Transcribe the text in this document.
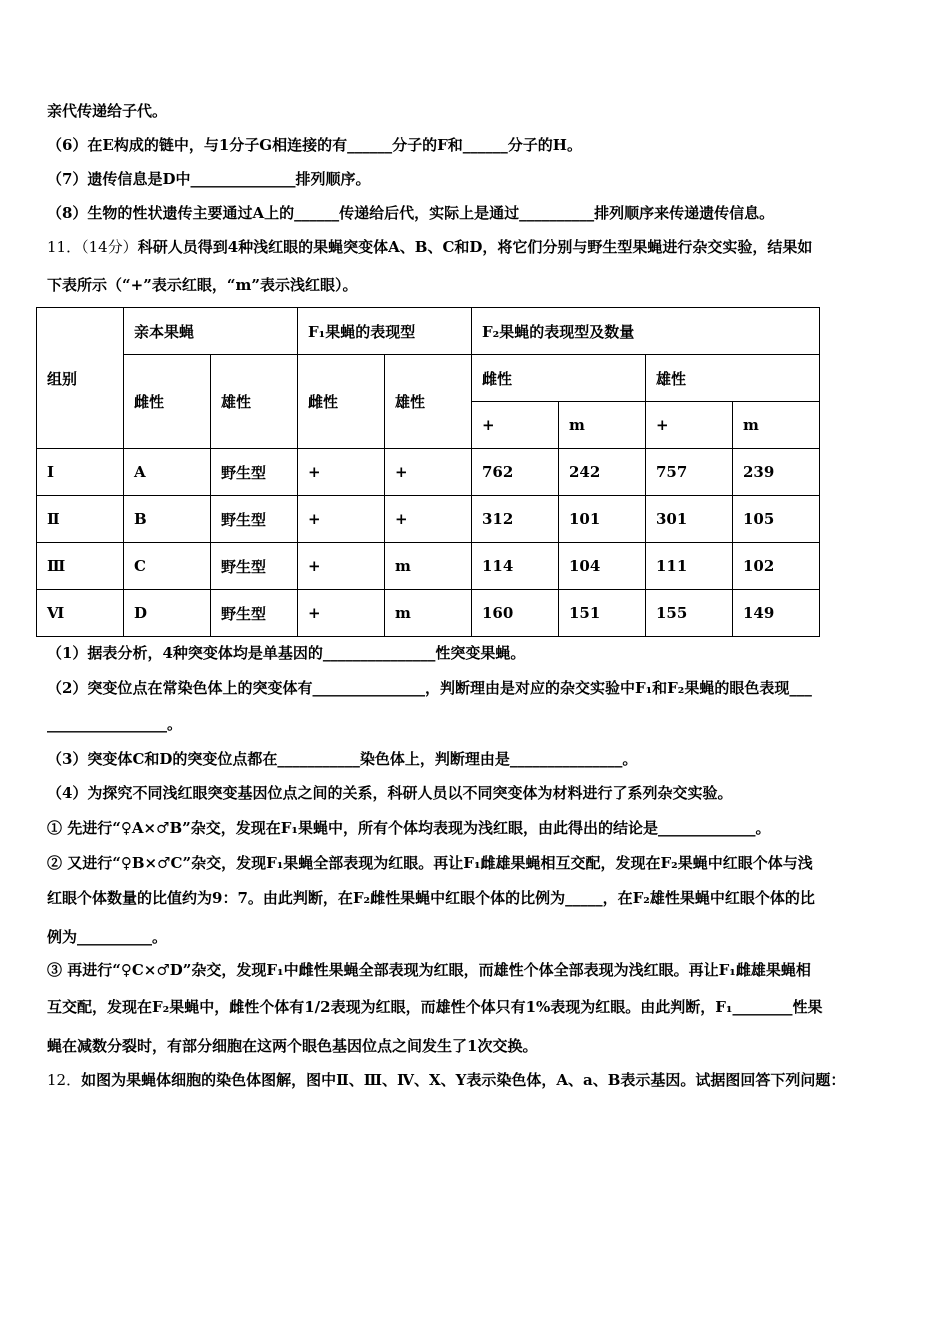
亲代传递给子代。
（6）在E构成的链中，与1分子G相连接的有______分子的F和______分子的H。
（7）遗传信息是D中______________排列顺序。
（8）生物的性状遗传主要通过A上的______传递给后代，实际上是通过__________排列顺序来传递遗传信息。
11．（14分）科研人员得到4种浅红眼的果蝇突变体A、B、C和D，将它们分别与野生型果蝇进行杂交实验，结果如
下表所示（“+”表示红眼，“m”表示浅红眼）。
组别	亲本果蝇		F₁果蝇的表现型		F₂果蝇的表现型及数量			
	雌性	雄性	雌性	雄性	雌性		雄性	
					+	m	+	m
Ⅰ	A	野生型	+	+	762	242	757	239
Ⅱ	B	野生型	+	+	312	101	301	105
Ⅲ	C	野生型	+	m	114	104	111	102
Ⅵ	D	野生型	+	m	160	151	155	149
（1）据表分析，4种突变体均是单基因的_______________性突变果蝇。
（2）突变位点在常染色体上的突变体有_______________，判断理由是对应的杂交实验中F₁和F₂果蝇的眼色表现___
________________。
（3）突变体C和D的突变位点都在___________染色体上，判断理由是_______________。
（4）为探究不同浅红眼突变基因位点之间的关系，科研人员以不同突变体为材料进行了系列杂交实验。
① 先进行“♀A×♂B”杂交，发现在F₁果蝇中，所有个体均表现为浅红眼，由此得出的结论是_____________。
② 又进行“♀B×♂C”杂交，发现F₁果蝇全部表现为红眼。再让F₁雌雄果蝇相互交配，发现在F₂果蝇中红眼个体与浅
红眼个体数量的比值约为9：7。由此判断，在F₂雌性果蝇中红眼个体的比例为_____，在F₂雄性果蝇中红眼个体的比
例为__________。
③ 再进行“♀C×♂D”杂交，发现F₁中雌性果蝇全部表现为红眼，而雄性个体全部表现为浅红眼。再让F₁雌雄果蝇相
互交配，发现在F₂果蝇中，雌性个体有1/2表现为红眼，而雄性个体只有1%表现为红眼。由此判断，F₁________性果
蝇在减数分裂时，有部分细胞在这两个眼色基因位点之间发生了1次交换。
12．如图为果蝇体细胞的染色体图解，图中Ⅱ、Ⅲ、Ⅳ、X、Y表示染色体，A、a、B表示基因。试据图回答下列问题：
